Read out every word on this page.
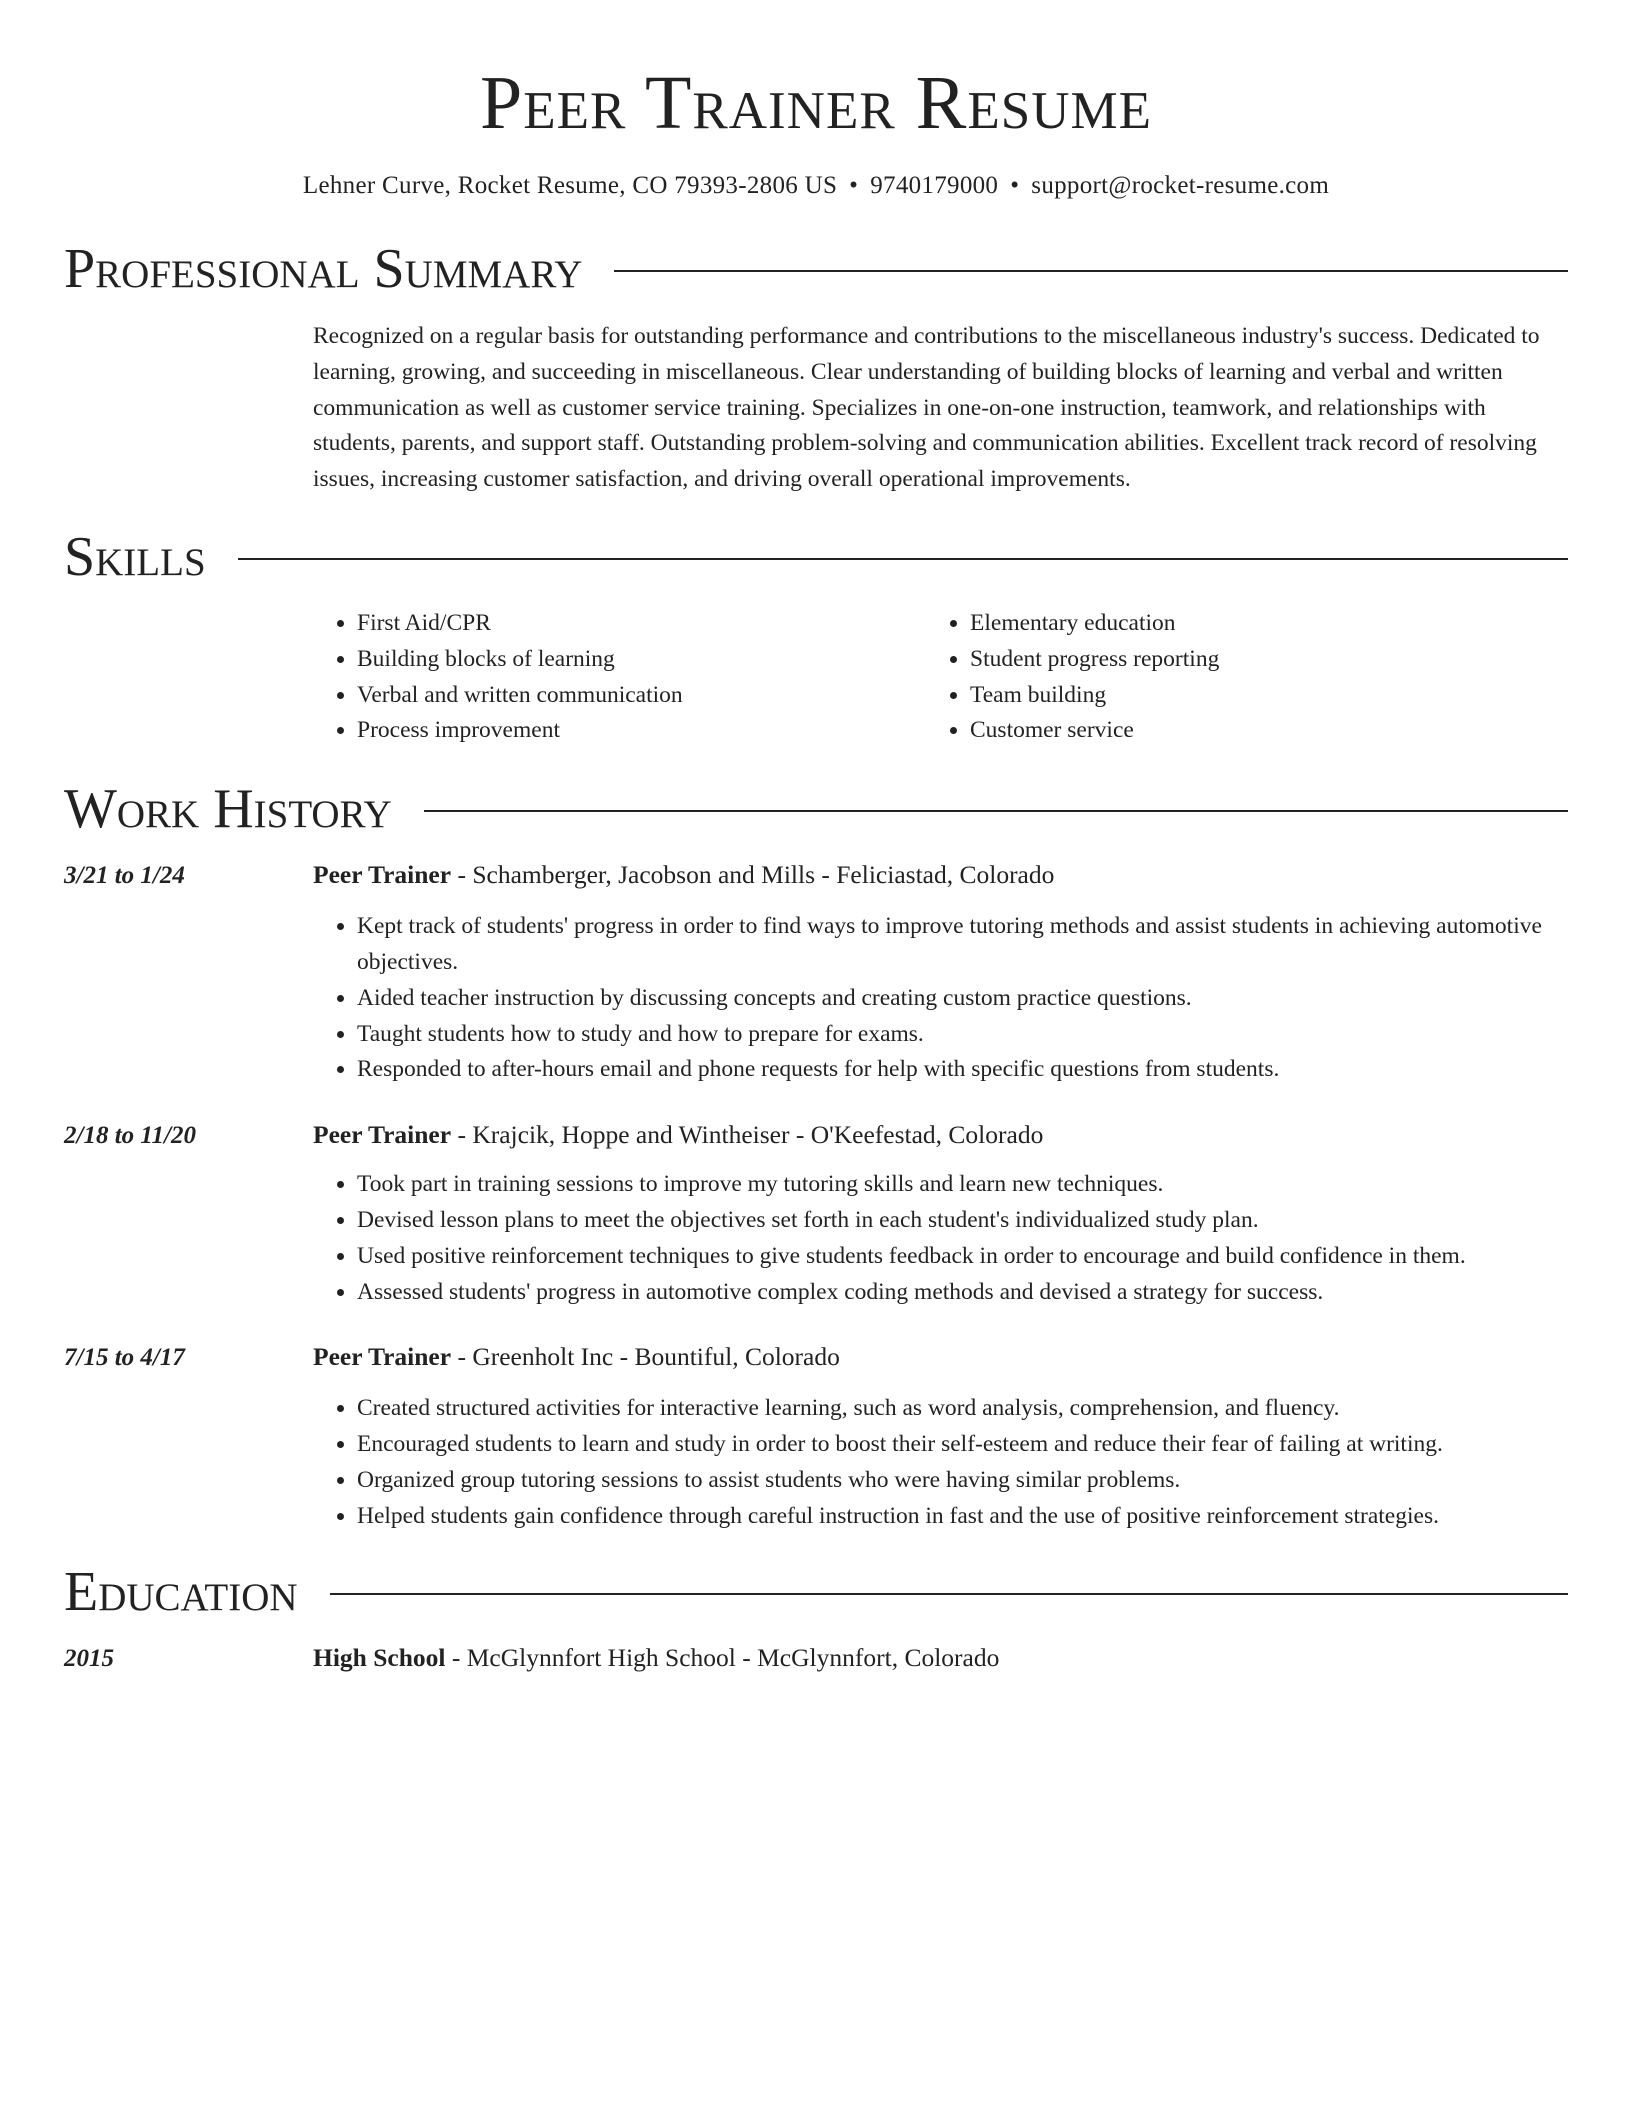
Peer Trainer Resume
Lehner Curve, Rocket Resume, CO 79393-2806 US • 9740179000 • support@rocket-resume.com
Professional Summary

Recognized on a regular basis for outstanding performance and contributions to the miscellaneous industry's success. Dedicated to learning, growing, and succeeding in miscellaneous. Clear understanding of building blocks of learning and verbal and written communication as well as customer service training. Specializes in one-on-one instruction, teamwork, and relationships with students, parents, and support staff. Outstanding problem-solving and communication abilities. Excellent track record of resolving issues, increasing customer satisfaction, and driving overall operational improvements.

Skills
• First Aid/CPR
• Building blocks of learning
• Verbal and written communication
• Process improvement
• Elementary education
• Student progress reporting
• Team building
• Customer service
Work History
3/21 to 1/24	Peer Trainer - Schamberger, Jacobson and Mills - Feliciastad, Colorado
• Kept track of students' progress in order to find ways to improve tutoring methods and assist students in achieving automotive objectives.
• Aided teacher instruction by discussing concepts and creating custom practice questions.
• Taught students how to study and how to prepare for exams.
• Responded to after-hours email and phone requests for help with specific questions from students.
2/18 to 11/20	Peer Trainer - Krajcik, Hoppe and Wintheiser - O'Keefestad, Colorado
• Took part in training sessions to improve my tutoring skills and learn new techniques.
• Devised lesson plans to meet the objectives set forth in each student's individualized study plan.
• Used positive reinforcement techniques to give students feedback in order to encourage and build confidence in them.
• Assessed students' progress in automotive complex coding methods and devised a strategy for success.
7/15 to 4/17	Peer Trainer - Greenholt Inc - Bountiful, Colorado
• Created structured activities for interactive learning, such as word analysis, comprehension, and fluency.
• Encouraged students to learn and study in order to boost their self-esteem and reduce their fear of failing at writing.
• Organized group tutoring sessions to assist students who were having similar problems.
• Helped students gain confidence through careful instruction in fast and the use of positive reinforcement strategies.
Education
2015	High School - McGlynnfort High School - McGlynnfort, Colorado
